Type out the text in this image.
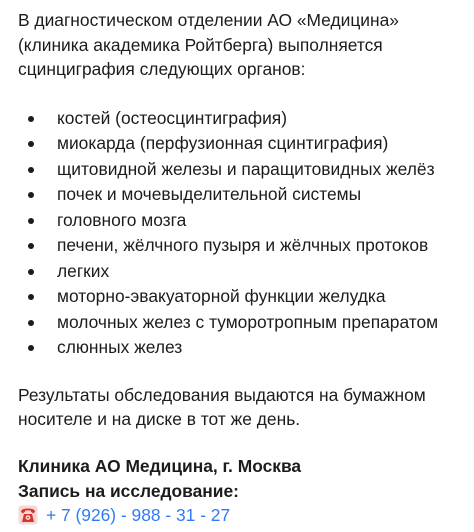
В диагностическом отделении АО «Медицина»
(клиника академика Ройтберга) выполняется
сцинциграфия следующих органов:

костей (остеосцинтиграфия)
миокарда (перфузионная сцинтиграфия)
щитовидной железы и паращитовидных желёз
почек и мочевыделительной системы
головного мозга
печени, жёлчного пузыря и жёлчных протоков
легких
моторно-эвакуаторной функции желудка
молочных желез с туморотропным препаратом
слюнных желез

Результаты обследования выдаются на бумажном
носителе и на диске в тот же день.

Клиника АО Медицина, г. Москва
Запись на исследование:
+ 7 (926) - 988 - 31 - 27
